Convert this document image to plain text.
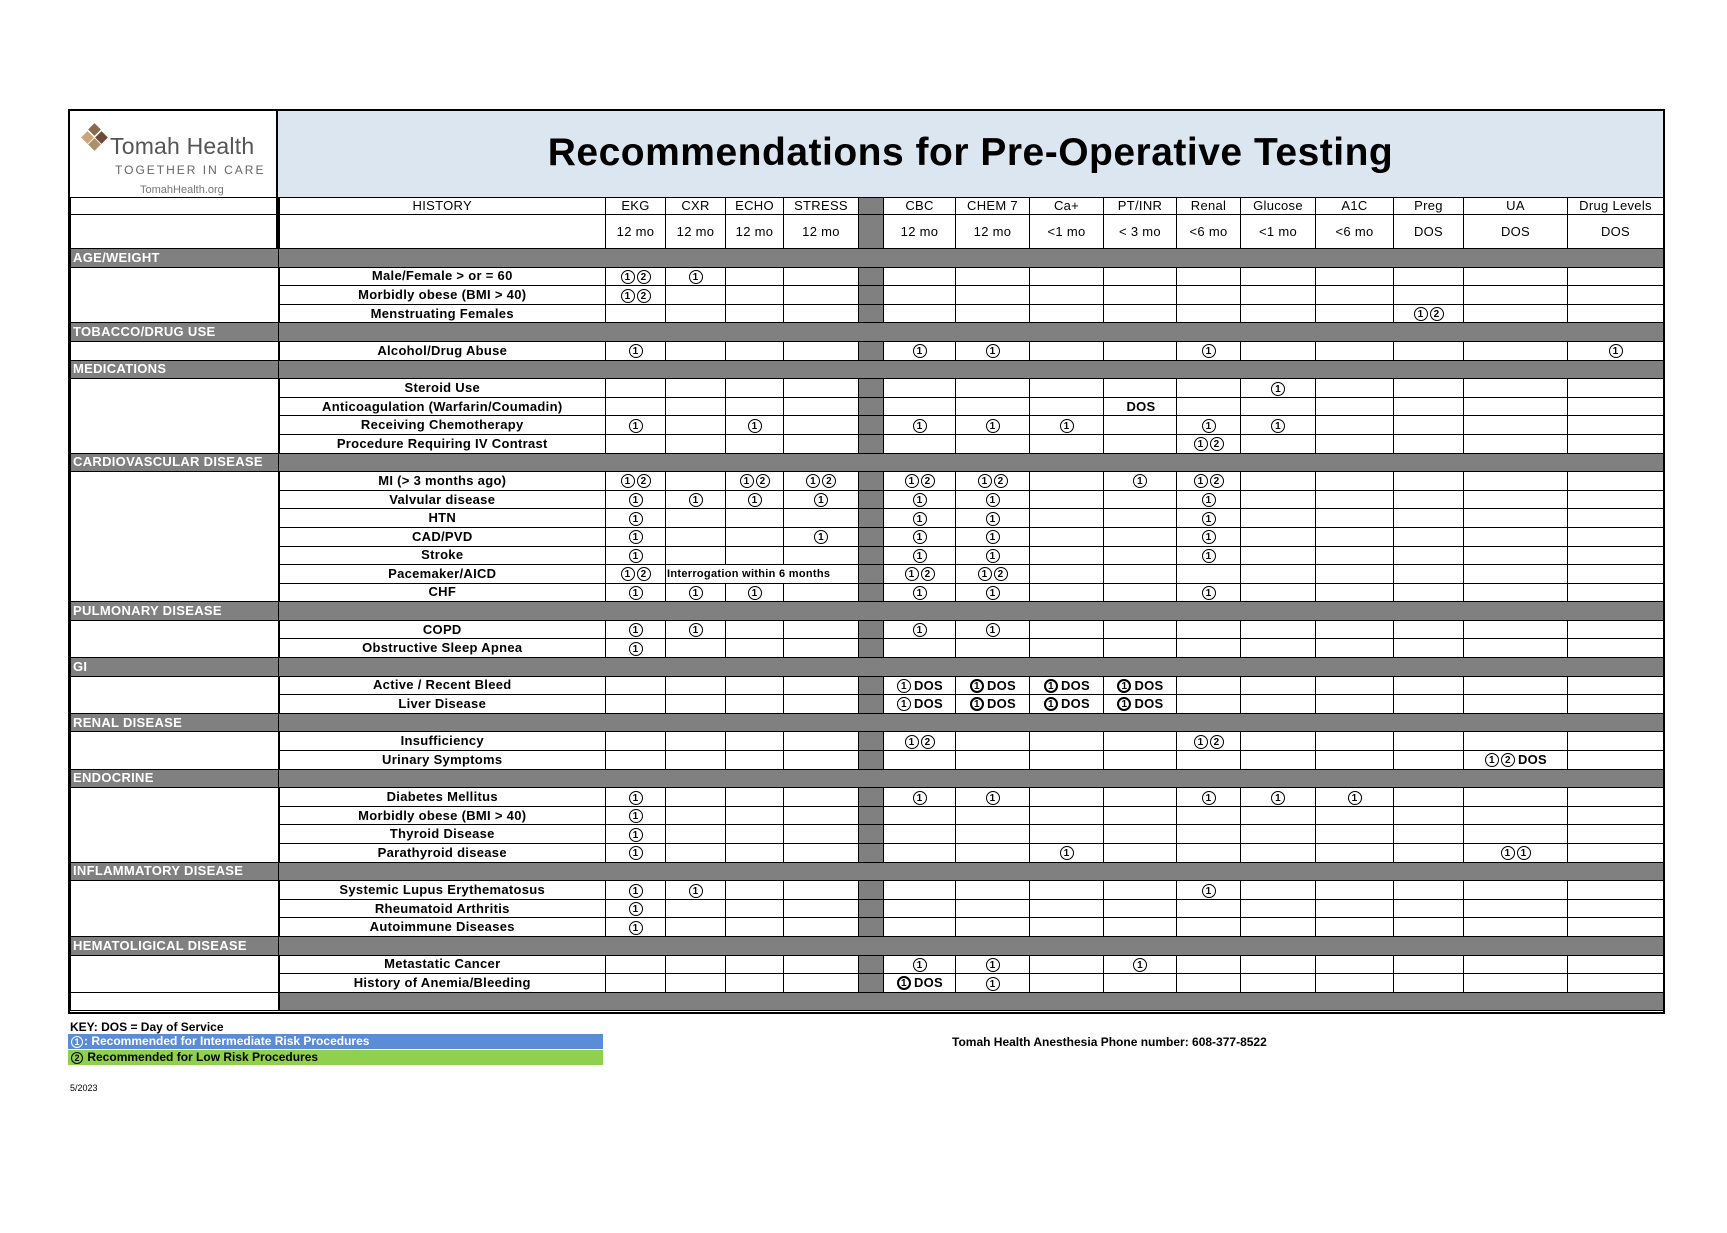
Tomah Health
TOGETHER IN CARE
TomahHealth.org
Recommendations for Pre-Operative Testing
	HISTORY	EKG	CXR	ECHO	STRESS		CBC	CHEM 7	Ca+	PT/INR	Renal	Glucose	A1C	Preg	UA	Drug Levels
		12 mo	12 mo	12 mo	12 mo		12 mo	12 mo	<1 mo	< 3 mo	<6 mo	<1 mo	<6 mo	DOS	DOS	DOS
AGE/WEIGHT																
	Male/Female > or = 60	1 2	1													
	Morbidly obese (BMI > 40)	1 2														
	Menstruating Females													1 2		
TOBACCO/DRUG USE																
	Alcohol/Drug Abuse	1					1	1			1					1
MEDICATIONS																
	Steroid Use											1				
	Anticoagulation (Warfarin/Coumadin)									DOS						
	Receiving Chemotherapy	1		1			1	1	1		1	1				
	Procedure Requiring IV Contrast										1 2					
CARDIOVASCULAR DISEASE																
	MI (> 3 months ago)	1 2		1 2	1 2		1 2	1 2		1	1 2					
	Valvular disease	1	1	1	1		1	1			1					
	HTN	1					1	1			1					
	CAD/PVD	1			1		1	1			1					
	Stroke	1					1	1			1					
	Pacemaker/AICD	1 2	Interrogation within 6 months				1 2	1 2								
	CHF	1	1	1			1	1			1					
PULMONARY DISEASE																
	COPD	1	1				1	1								
	Obstructive Sleep Apnea	1														
GI																
	Active / Recent Bleed						1 DOS	1 DOS	1 DOS	1 DOS						
	Liver Disease						1 DOS	1 DOS	1 DOS	1 DOS						
RENAL DISEASE																
	Insufficiency						1 2				1 2					
	Urinary Symptoms														1 2 DOS	
ENDOCRINE																
	Diabetes Mellitus	1					1	1			1	1	1			
	Morbidly obese (BMI > 40)	1														
	Thyroid Disease	1														
	Parathyroid disease	1							1						1 1	
INFLAMMATORY DISEASE																
	Systemic Lupus Erythematosus	1	1								1					
	Rheumatoid Arthritis	1														
	Autoimmune Diseases	1														
HEMATOLIGICAL DISEASE																
	Metastatic Cancer						1	1		1						
	History of Anemia/Bleeding						1 DOS	1								

KEY: DOS = Day of Service
1 : Recommended for Intermediate Risk Procedures
2 Recommended for Low Risk Procedures
Tomah Health Anesthesia Phone number: 608-377-8522
5/2023
